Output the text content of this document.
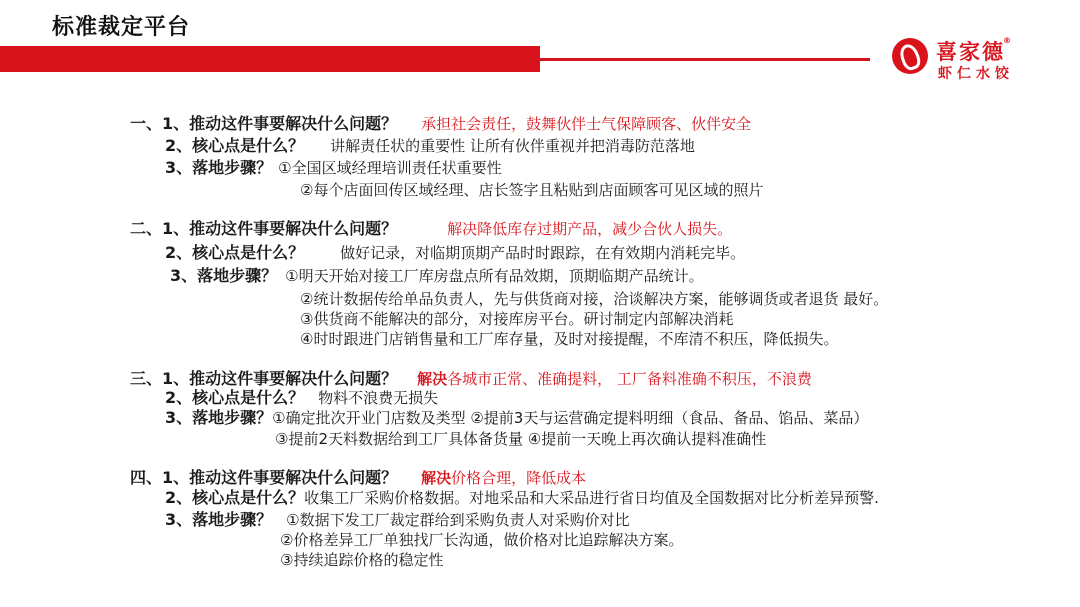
标准裁定平台
喜家德®
虾仁水饺
一、1、推动这件事要解决什么问题？ 承担社会责任，鼓舞伙伴士气保障顾客、伙伴安全
2、核心点是什么？ 讲解责任状的重要性 让所有伙伴重视并把消毒防范落地
3、落地步骤？ ①全国区域经理培训责任状重要性
②每个店面回传区域经理、店长签字且粘贴到店面顾客可见区域的照片
二、1、推动这件事要解决什么问题？	解决降低库存过期产品，减少合伙人损失。
2、核心点是什么？ 做好记录，对临期顶期产品时时跟踪，在有效期内消耗完毕。
3、落地步骤？ ①明天开始对接工厂库房盘点所有品效期，顶期临期产品统计。
②统计数据传给单品负责人，先与供货商对接，洽谈解决方案，能够调货或者退货 最好。
③供货商不能解决的部分，对接库房平台。研讨制定内部解决消耗
④时时跟进门店销售量和工厂库存量，及时对接提醒，不库清不积压，降低损失。
三、1、推动这件事要解决什么问题？ 解决各城市正常、准确提料， 工厂备料准确不积压，不浪费
2、核心点是什么？ 物料不浪费无损失
3、落地步骤？①确定批次开业门店数及类型 ②提前3天与运营确定提料明细（食品、备品、馅品、菜品）
③提前2天料数据给到工厂具体备货量 ④提前一天晚上再次确认提料准确性
四、1、推动这件事要解决什么问题？ 解决价格合理，降低成本
2、核心点是什么？收集工厂采购价格数据。对地采品和大采品进行省日均值及全国数据对比分析差异预警.
3、落地步骤？ ①数据下发工厂裁定群给到采购负责人对采购价对比
②价格差异工厂单独找厂长沟通，做价格对比追踪解决方案。
③持续追踪价格的稳定性
